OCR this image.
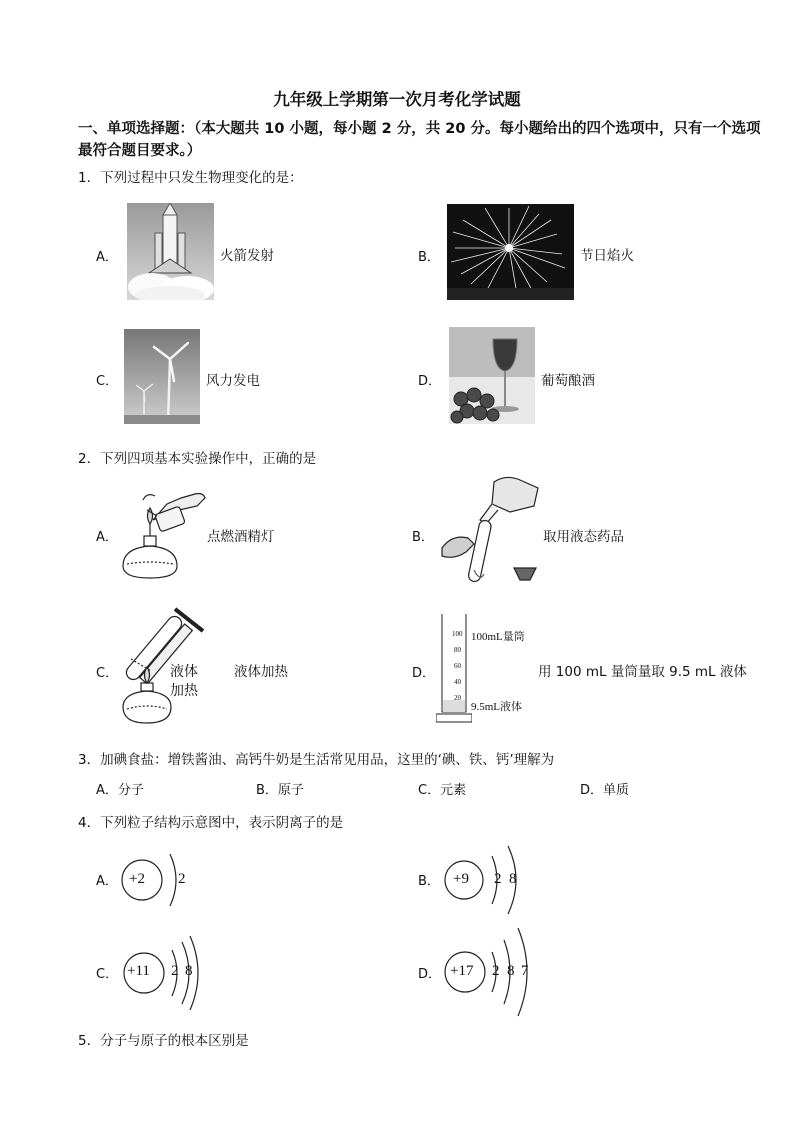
九年级上学期第一次月考化学试题
一、单项选择题：（本大题共 10 小题，每小题 2 分，共 20 分。每小题给出的四个选项中，只有一个选项最符合题目要求。）
1．下列过程中只发生物理变化的是：
A．	火箭发射	B．	节日焰火
C．	风力发电	D．	葡萄酿酒
2．下列四项基本实验操作中，正确的是
A．	点燃酒精灯	B．	取用液态药品
C．	液体
加热
液体加热	D．
100
80
60
40
20
100mL量筒
9.5mL液体
用 100 mL 量筒量取 9.5 mL 液体
3．加碘食盐：增铁酱油、高钙牛奶是生活常见用品，这里的‘碘、铁、钙’理解为
A．分子	B．原子	C．元素	D．单质
4．下列粒子结构示意图中，表示阴离子的是
A． +2 2	B． +9 2 8
C． +11 2 8	D． +17 2 8 7
5．分子与原子的根本区别是
